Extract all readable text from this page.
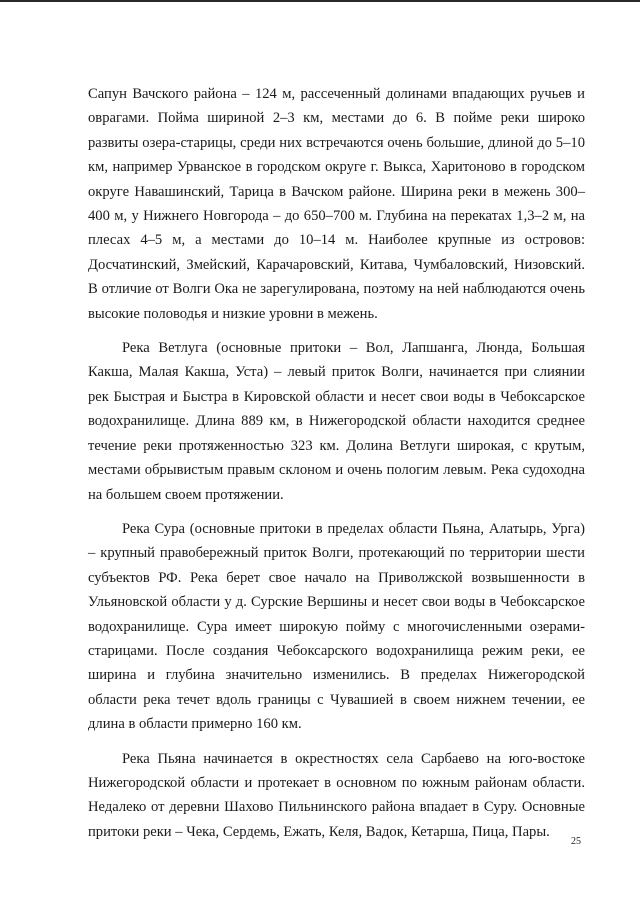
Сапун Вачского района – 124 м, рассеченный долинами впадающих ручьев и оврагами. Пойма шириной 2–3 км, местами до 6. В пойме реки широко развиты озера-старицы, среди них встречаются очень большие, длиной до 5–10 км, например Урванское в городском округе г. Выкса, Харитоново в городском округе Навашинский, Тарица в Вачском районе. Ширина реки в межень 300–400 м, у Нижнего Новгорода – до 650–700 м. Глубина на перекатах 1,3–2 м, на плесах 4–5 м, а местами до 10–14 м. Наиболее крупные из островов: Досчатинский, Змейский, Карачаровский, Китава, Чумбаловский, Низовский. В отличие от Волги Ока не зарегулирована, поэтому на ней наблюдаются очень высокие половодья и низкие уровни в межень.

Река Ветлуга (основные притоки – Вол, Лапшанга, Люнда, Большая Какша, Малая Какша, Уста) – левый приток Волги, начинается при слиянии рек Быстрая и Быстра в Кировской области и несет свои воды в Чебоксарское водохранилище. Длина 889 км, в Нижегородской области находится среднее течение реки протяженностью 323 км. Долина Ветлуги широкая, с крутым, местами обрывистым правым склоном и очень пологим левым. Река судоходна на большем своем протяжении.

Река Сура (основные притоки в пределах области Пьяна, Алатырь, Урга) – крупный правобережный приток Волги, протекающий по территории шести субъектов РФ. Река берет свое начало на Приволжской возвышенности в Ульяновской области у д. Сурские Вершины и несет свои воды в Чебоксарское водохранилище. Сура имеет широкую пойму с многочисленными озерами-старицами. После создания Чебоксарского водохранилища режим реки, ее ширина и глубина значительно изменились. В пределах Нижегородской области река течет вдоль границы с Чувашией в своем нижнем течении, ее длина в области примерно 160 км.

Река Пьяна начинается в окрестностях села Сарбаево на юго-востоке Нижегородской области и протекает в основном по южным районам области. Недалеко от деревни Шахово Пильнинского района впадает в Суру. Основные притоки реки – Чека, Сердемь, Ежать, Келя, Вадок, Кетарша, Пица, Пары.

25
